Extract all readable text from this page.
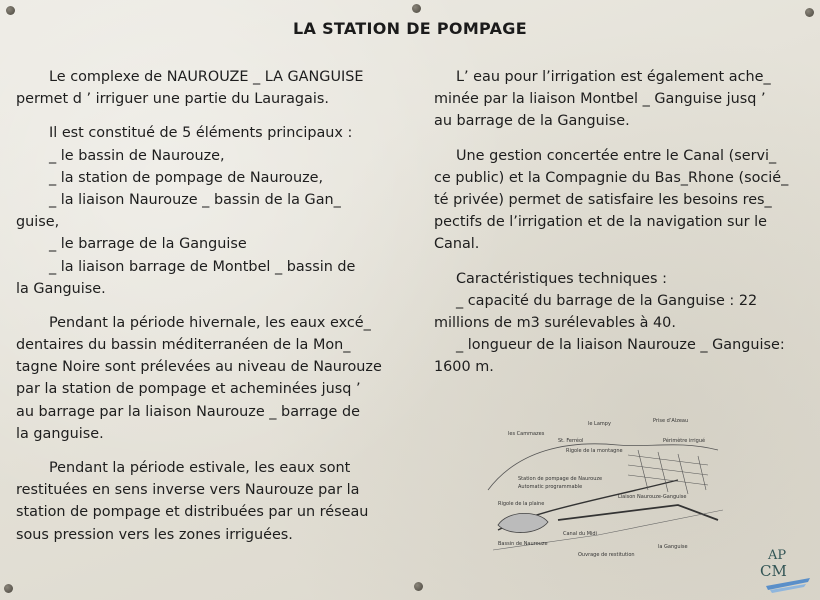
LA STATION DE POMPAGE
Le complexe de NAUROUZE _ LA GANGUISE
permet d ’ irriguer une partie du Lauragais.
Il est constitué de 5 éléments principaux :
_ le bassin de Naurouze,
_ la station de pompage de Naurouze,
_ la liaison Naurouze _ bassin de la Gan_
guise,
_ le barrage de la Ganguise
_ la liaison barrage de Montbel _ bassin de
la Ganguise.
Pendant la période hivernale, les eaux excé_
dentaires du bassin méditerranéen de la Mon_
tagne Noire sont prélevées au niveau de Naurouze
par la station de pompage et acheminées jusq ’
au barrage par la liaison Naurouze _ barrage de
la ganguise.
Pendant la période estivale, les eaux sont
restituées en sens inverse vers Naurouze par la
station de pompage et distribuées par un réseau
sous pression vers les zones irriguées.
L’ eau pour l’irrigation est également ache_
minée par la liaison Montbel _ Ganguise jusq ’
au barrage de la Ganguise.
Une gestion concertée entre le Canal (servi_
ce public) et la Compagnie du Bas_Rhone (socié_
té privée) permet de satisfaire les besoins res_
pectifs de l’irrigation et de la navigation sur le
Canal.
Caractéristiques techniques :
_ capacité du barrage de la Ganguise : 22
millions de m3 surélevables à 40.
_ longueur de la liaison Naurouze _ Ganguise:
1600 m.
le Lampy	Prise d’Alzeau
les Cammazes
St. Ferréol
Rigole de la montagne
Périmètre irrigué
Station de pompage de Naurouze
Automatic programmable
Rigole de la plaine
Liaison Naurouze-Ganguise
Bassin de Naurouze
Canal du Midi
Ouvrage de restitution
la Ganguise
AP
CM
